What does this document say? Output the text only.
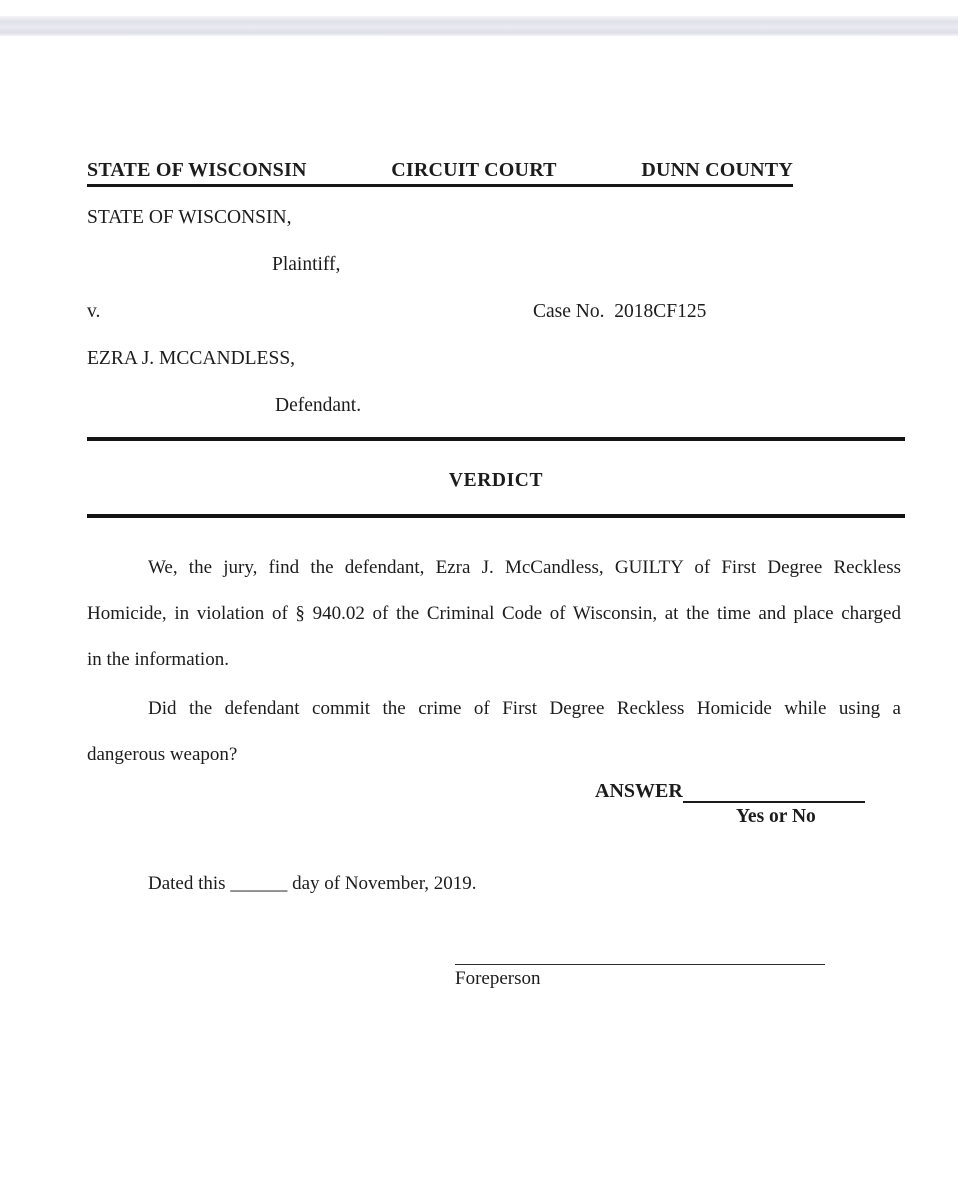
STATE OF WISCONSIN	CIRCUIT COURT	DUNN COUNTY
STATE OF WISCONSIN,
Plaintiff,
v.	Case No.  2018CF125
EZRA J. MCCANDLESS,
Defendant.
VERDICT
We, the jury, find the defendant, Ezra J. McCandless, GUILTY of First Degree Reckless
Homicide, in violation of § 940.02 of the Criminal Code of Wisconsin, at the time and place charged
in the information.
Did the defendant commit the crime of First Degree Reckless Homicide while using a
dangerous weapon?
ANSWER
Yes or No
Dated this ______ day of November, 2019.
Foreperson
